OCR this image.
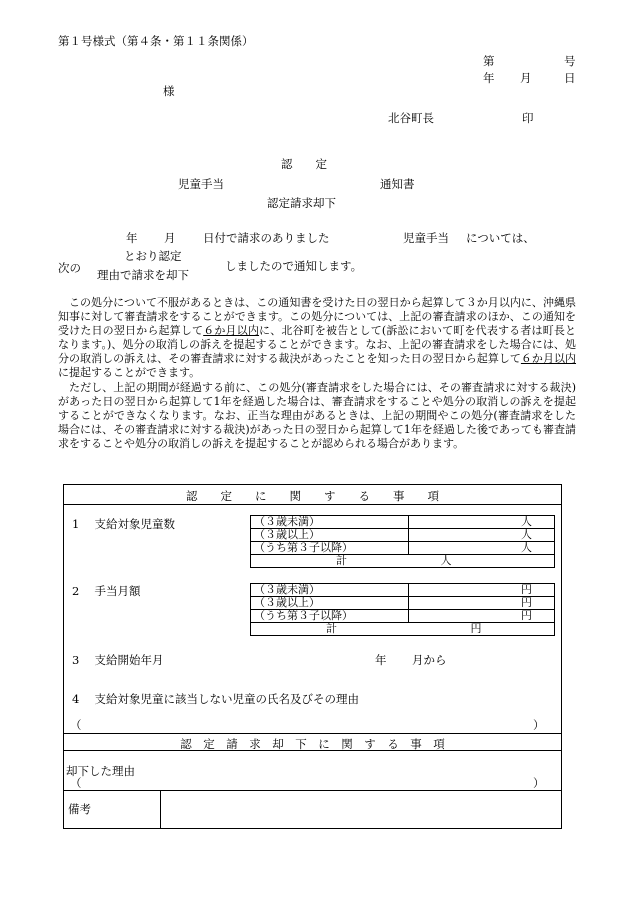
第１号様式（第４条・第１１条関係）
第	号
年 月	日
様
北谷町長	印
認　　定
児童手当	通知書
認定請求却下
年 月 日付で請求のありました	児童手当 については、
次の
とおり認定
理由で請求を却下
しましたので通知します。

この処分について不服があるときは、この通知書を受けた日の翌日から起算して３か月以内に、沖縄県知事に対して審査請求をすることができます。この処分については、上記の審査請求のほか、この通知を受けた日の翌日から起算して６か月以内に、北谷町を被告として(訴訟において町を代表する者は町長となります。)、処分の取消しの訴えを提起することができます。なお、上記の審査請求をした場合には、処分の取消しの訴えは、その審査請求に対する裁決があったことを知った日の翌日から起算して６か月以内に提起することができます。

ただし、上記の期間が経過する前に、この処分(審査請求をした場合には、その審査請求に対する裁決)があった日の翌日から起算して1年を経過した場合は、審査請求をすることや処分の取消しの訴えを提起することができなくなります。なお、正当な理由があるときは、上記の期間やこの処分(審査請求をした場合には、その審査請求に対する裁決)があった日の翌日から起算して1年を経過した後であっても審査請求をすることや処分の取消しの訴えを提起することが認められる場合があります。

認　　定　　に　　関　　す　　る　　事　　項
1　 支給対象児童数
2　 手当月額
3　 支給開始年月	年 月から
4　 支給対象児童に該当しない児童の氏名及びその理由
（	）
認　定　請　求　却　下　に　関　す　る　事　項
却下した理由
（	）
備考
（３歳未満）	人
（３歳以上）	人
（うち第３子以降）	人
計 人	
（３歳未満）	円
（３歳以上）	円
（うち第３子以降）	円
計 円	
